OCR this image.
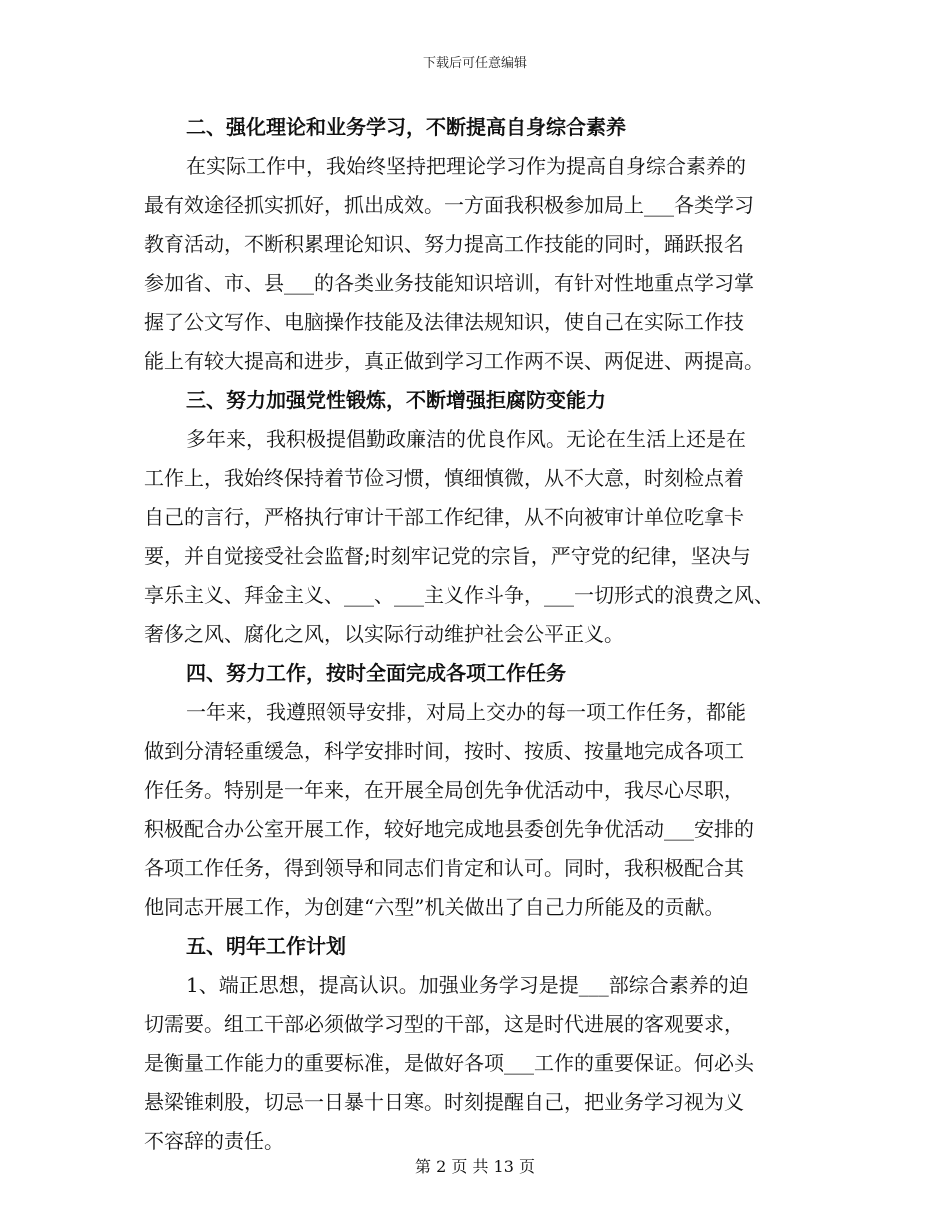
下载后可任意编辑
二、强化理论和业务学习，不断提高自身综合素养
在实际工作中，我始终坚持把理论学习作为提高自身综合素养的
最有效途径抓实抓好，抓出成效。一方面我积极参加局上___各类学习
教育活动，不断积累理论知识、努力提高工作技能的同时，踊跃报名
参加省、市、县___的各类业务技能知识培训，有针对性地重点学习掌
握了公文写作、电脑操作技能及法律法规知识，使自己在实际工作技
能上有较大提高和进步，真正做到学习工作两不误、两促进、两提高。
三、努力加强党性锻炼，不断增强拒腐防变能力
多年来，我积极提倡勤政廉洁的优良作风。无论在生活上还是在
工作上，我始终保持着节俭习惯，慎细慎微，从不大意，时刻检点着
自己的言行，严格执行审计干部工作纪律，从不向被审计单位吃拿卡
要，并自觉接受社会监督;时刻牢记党的宗旨，严守党的纪律，坚决与
享乐主义、拜金主义、___、___主义作斗争，___一切形式的浪费之风、
奢侈之风、腐化之风，以实际行动维护社会公平正义。
四、努力工作，按时全面完成各项工作任务
一年来，我遵照领导安排，对局上交办的每一项工作任务，都能
做到分清轻重缓急，科学安排时间，按时、按质、按量地完成各项工
作任务。特别是一年来，在开展全局创先争优活动中，我尽心尽职，
积极配合办公室开展工作，较好地完成地县委创先争优活动___安排的
各项工作任务，得到领导和同志们肯定和认可。同时，我积极配合其
他同志开展工作，为创建“六型”机关做出了自己力所能及的贡献。
五、明年工作计划
1、端正思想，提高认识。加强业务学习是提___部综合素养的迫
切需要。组工干部必须做学习型的干部，这是时代进展的客观要求，
是衡量工作能力的重要标准，是做好各项___工作的重要保证。何必头
悬梁锥刺股，切忌一日暴十日寒。时刻提醒自己，把业务学习视为义
不容辞的责任。
第 2 页 共 13 页
